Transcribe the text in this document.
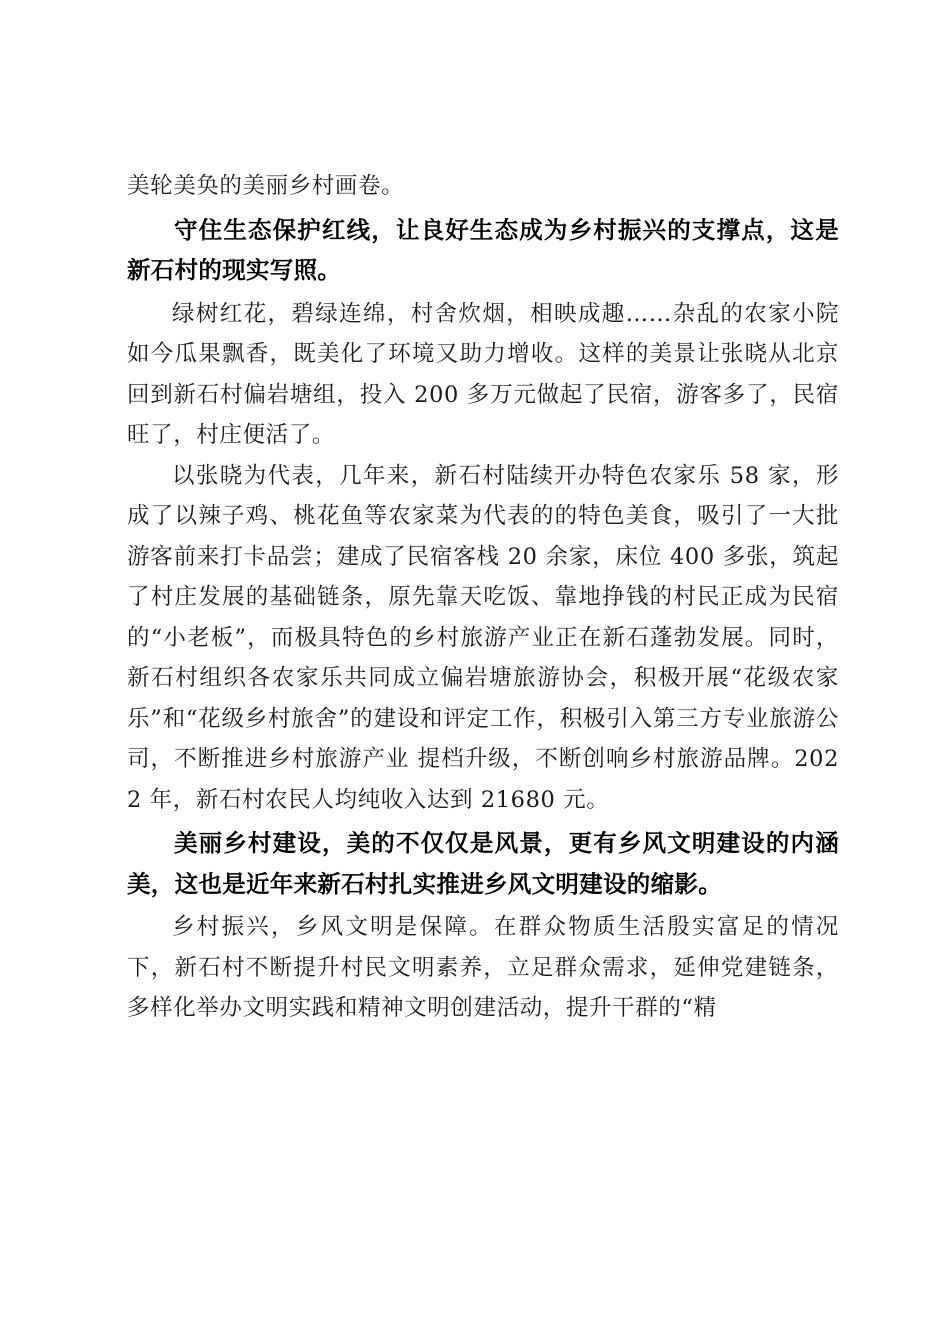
美轮美奂的美丽乡村画卷。

守住生态保护红线，让良好生态成为乡村振兴的支撑点，这是新石村的现实写照。

绿树红花，碧绿连绵，村舍炊烟，相映成趣……杂乱的农家小院如今瓜果飘香，既美化了环境又助力增收。这样的美景让张晓从北京回到新石村偏岩塘组，投入 200 多万元做起了民宿，游客多了，民宿旺了，村庄便活了。

以张晓为代表，几年来，新石村陆续开办特色农家乐 58 家，形成了以辣子鸡、桃花鱼等农家菜为代表的的特色美食，吸引了一大批游客前来打卡品尝；建成了民宿客栈 20 余家，床位 400 多张，筑起了村庄发展的基础链条，原先靠天吃饭、靠地挣钱的村民正成为民宿的“小老板”，而极具特色的乡村旅游产业正在新石蓬勃发展。同时，新石村组织各农家乐共同成立偏岩塘旅游协会，积极开展“花级农家乐”和“花级乡村旅舍”的建设和评定工作，积极引入第三方专业旅游公司，不断推进乡村旅游产业 提档升级，不断创响乡村旅游品牌。2022 年，新石村农民人均纯收入达到 21680 元。

美丽乡村建设，美的不仅仅是风景，更有乡风文明建设的内涵美，这也是近年来新石村扎实推进乡风文明建设的缩影。

乡村振兴，乡风文明是保障。在群众物质生活殷实富足的情况下，新石村不断提升村民文明素养，立足群众需求，延伸党建链条，多样化举办文明实践和精神文明创建活动，提升干群的“精
